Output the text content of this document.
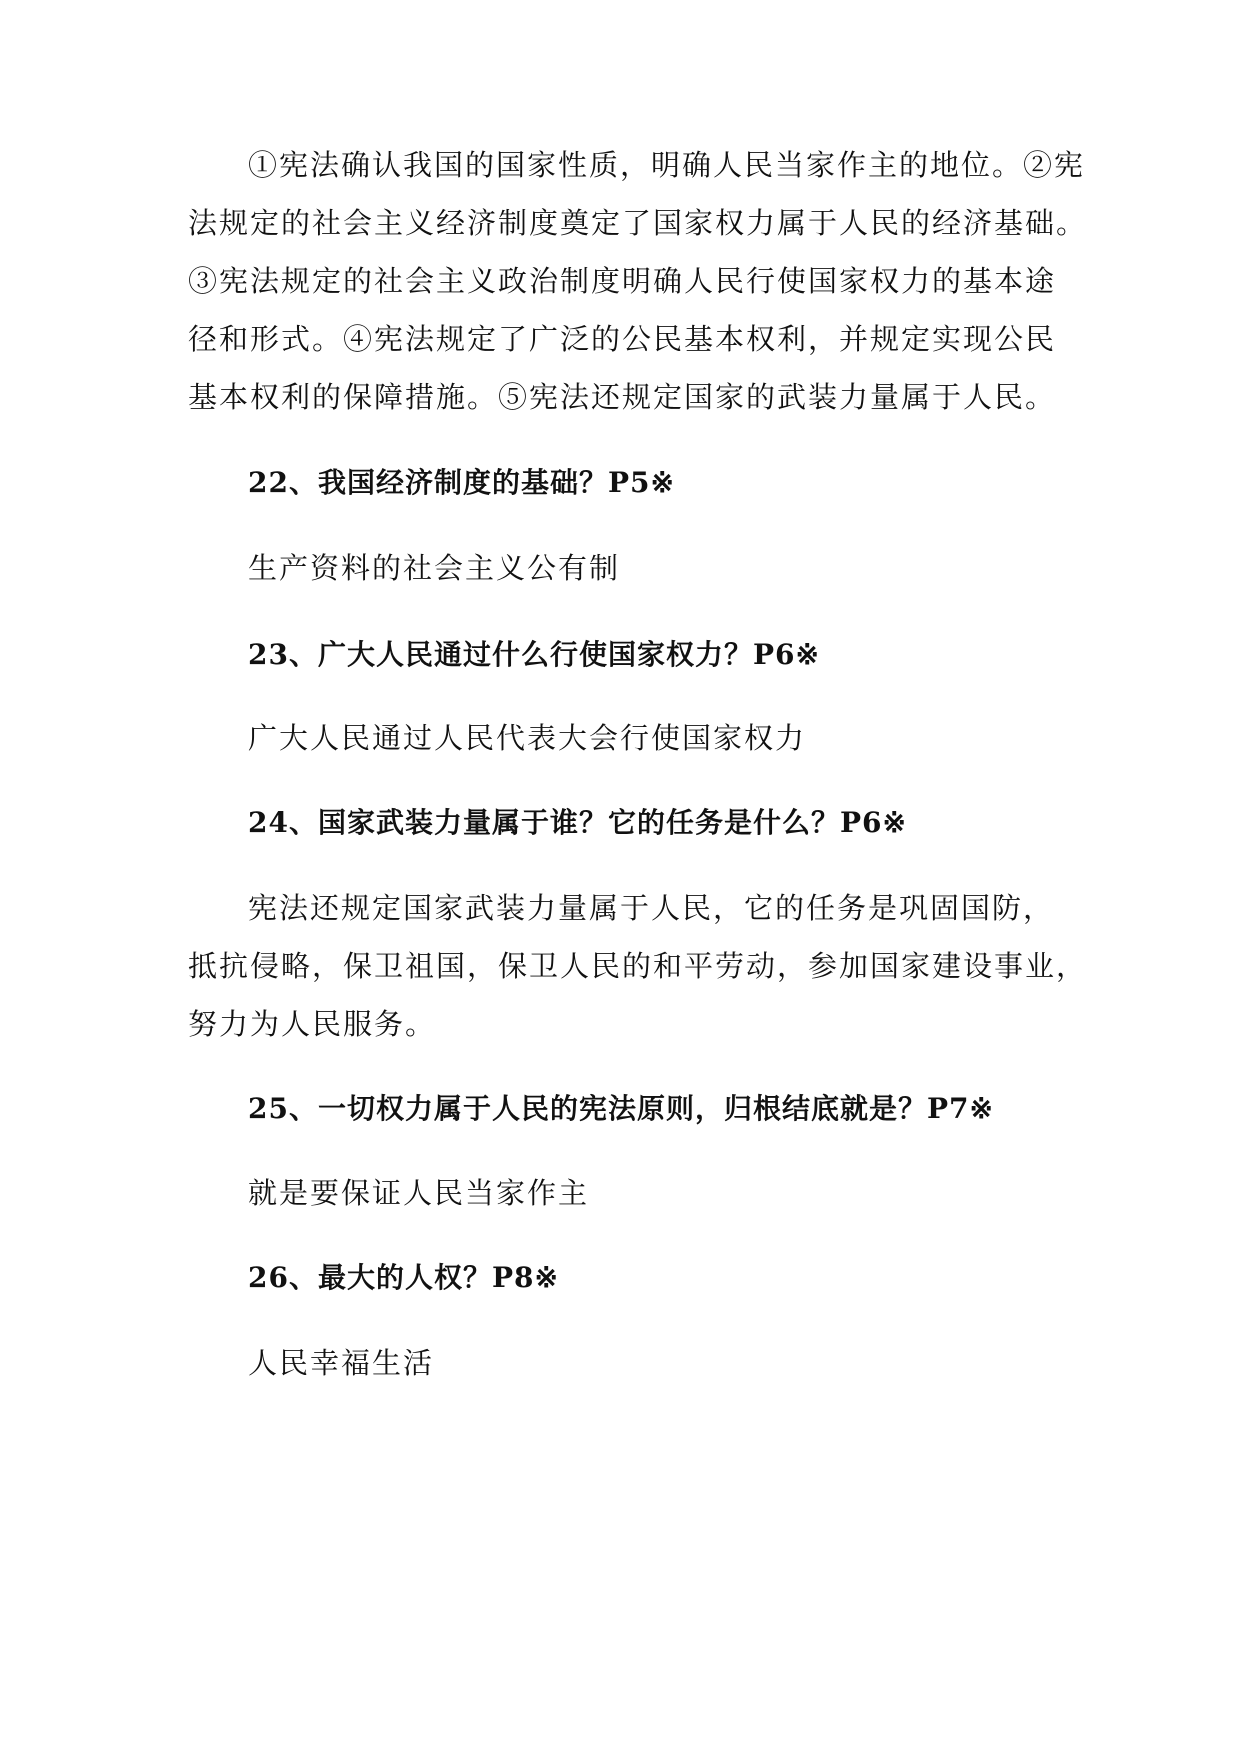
①宪法确认我国的国家性质，明确人民当家作主的地位。②宪
法规定的社会主义经济制度奠定了国家权力属于人民的经济基础。
③宪法规定的社会主义政治制度明确人民行使国家权力的基本途
径和形式。④宪法规定了广泛的公民基本权利，并规定实现公民
基本权利的保障措施。⑤宪法还规定国家的武装力量属于人民。
22、我国经济制度的基础？P5※
生产资料的社会主义公有制
23、广大人民通过什么行使国家权力？P6※
广大人民通过人民代表大会行使国家权力
24、国家武装力量属于谁？它的任务是什么？P6※
宪法还规定国家武装力量属于人民，它的任务是巩固国防，
抵抗侵略，保卫祖国，保卫人民的和平劳动，参加国家建设事业，
努力为人民服务。
25、一切权力属于人民的宪法原则，归根结底就是？P7※
就是要保证人民当家作主
26、最大的人权？P8※
人民幸福生活
